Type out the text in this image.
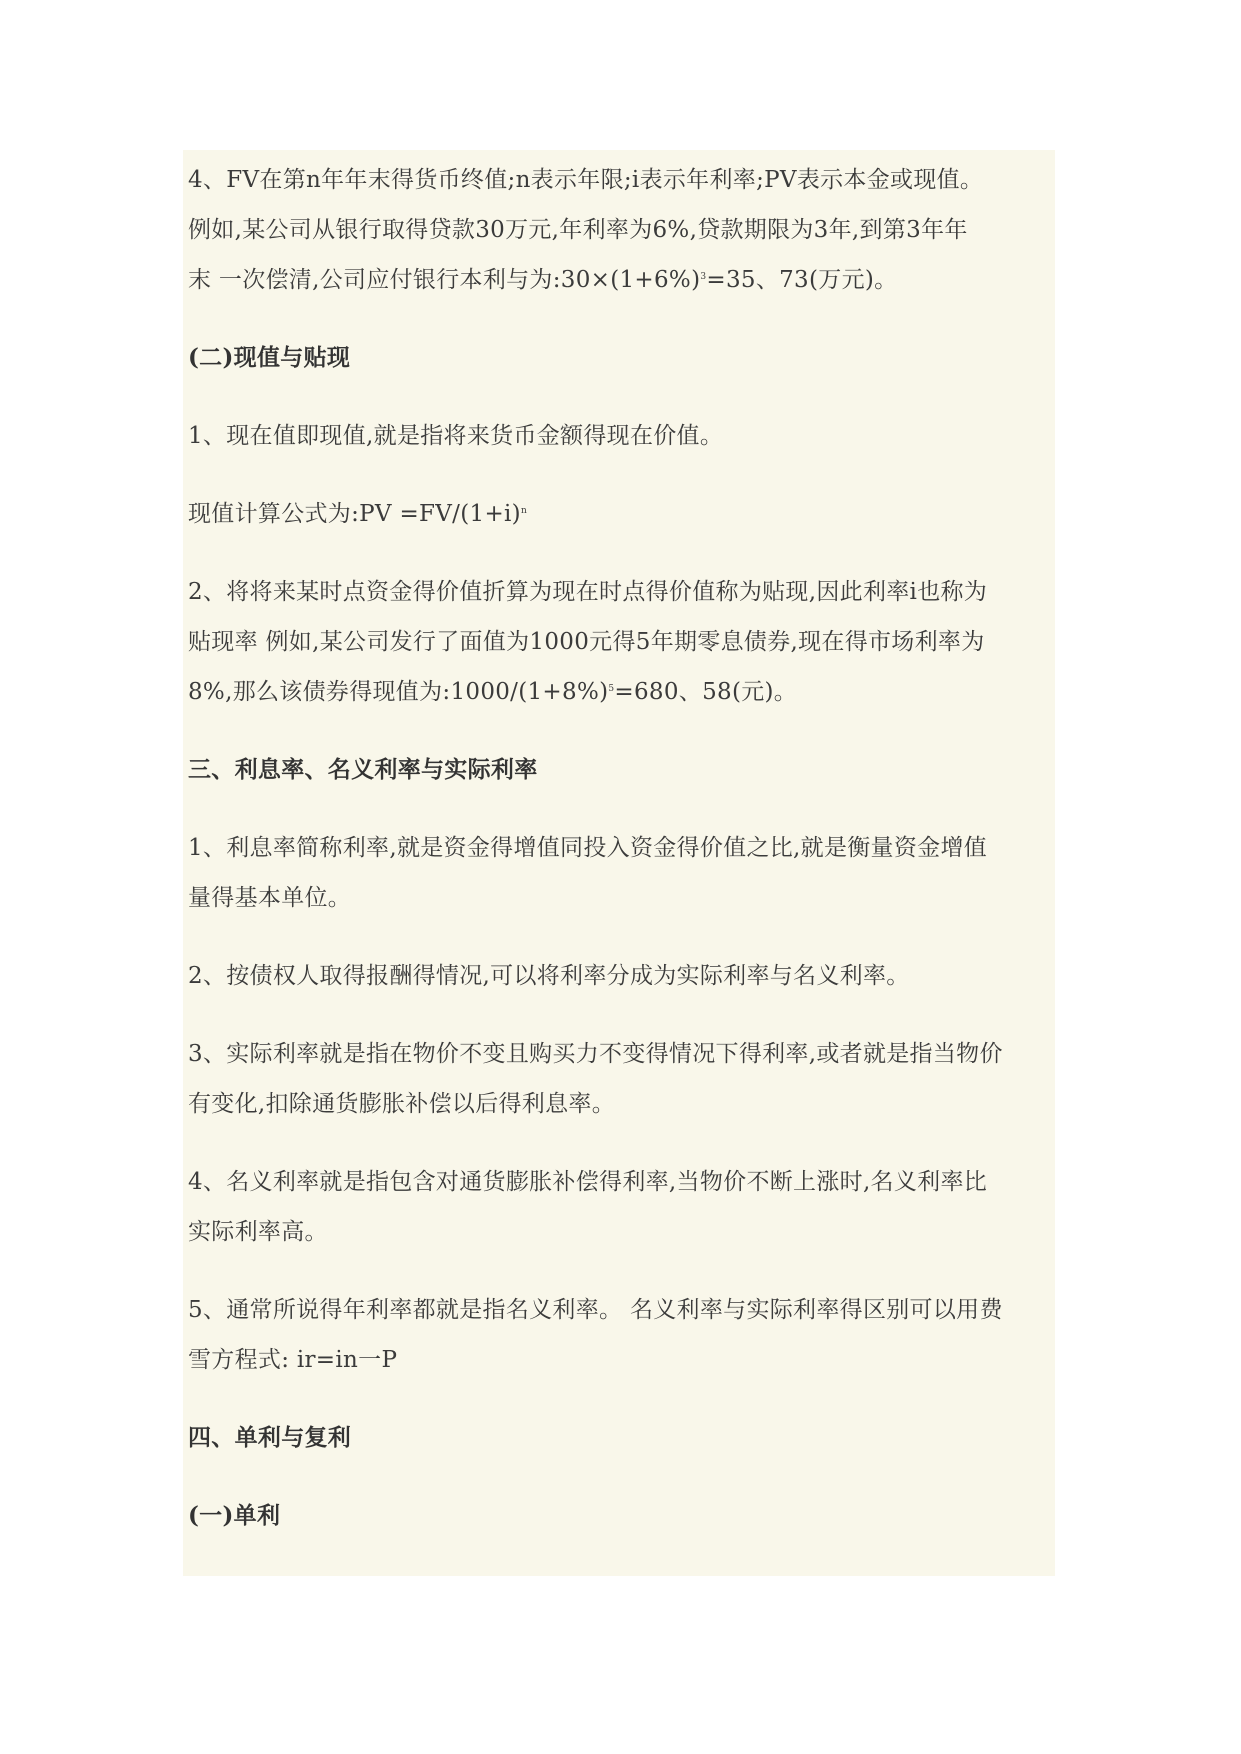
4、FV在第n年年末得货币终值;n表示年限;i表示年利率;PV表示本金或现值。

例如,某公司从银行取得贷款30万元,年利率为6%,贷款期限为3年,到第3年年

末 一次偿清,公司应付银行本利与为$:30\times(1+6\%)^3=35$、73(万元)。

(二)现值与贴现

1、现在值即现值,就是指将来货币金额得现在价值。

现值计算公式为:PV $=FV/(1+i)^n$

2、将将来某时点资金得价值折算为现在时点得价值称为贴现,因此利率i也称为

贴现率 例如,某公司发行了面值为1000元得5年期零息债券,现在得市场利率为

8%,那么该债券得现值为$:1000/(1+8\%)^5=680$、58(元)。

三、利息率、名义利率与实际利率

1、利息率简称利率,就是资金得增值同投入资金得价值之比,就是衡量资金增值

量得基本单位。

2、按债权人取得报酬得情况,可以将利率分成为实际利率与名义利率。

3、实际利率就是指在物价不变且购买力不变得情况下得利率,或者就是指当物价

有变化,扣除通货膨胀补偿以后得利息率。

4、名义利率就是指包含对通货膨胀补偿得利率,当物价不断上涨时,名义利率比

实际利率高。

5、通常所说得年利率都就是指名义利率。 名义利率与实际利率得区别可以用费

雪方程式: ir=in一P

四、单利与复利

(一)单利
